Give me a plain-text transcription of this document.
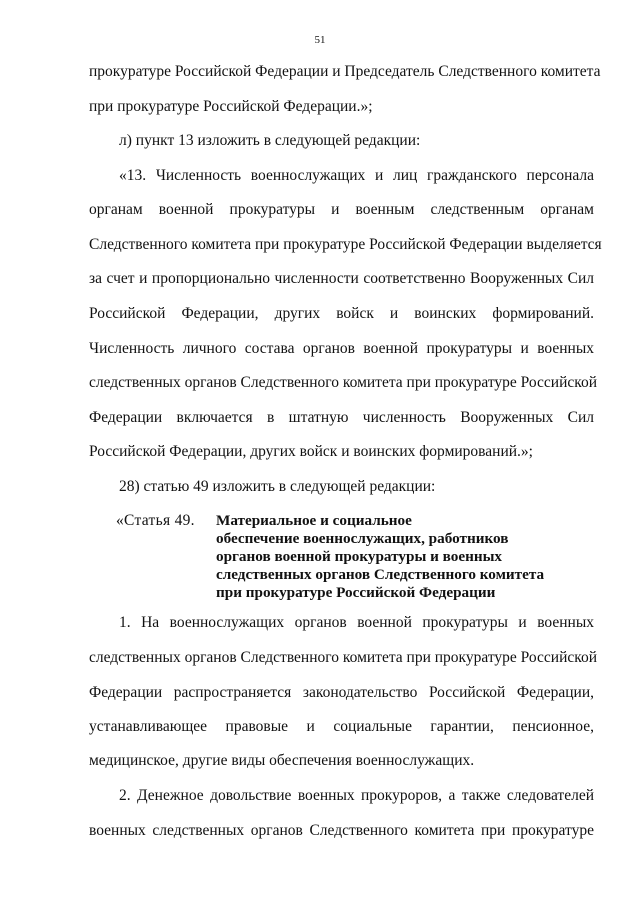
51
прокуратуре Российской Федерации и Председатель Следственного комитета
при прокуратуре Российской Федерации.»;
л) пункт 13 изложить в следующей редакции:
«13. Численность военнослужащих и лиц гражданского персонала
органам военной прокуратуры и военным следственным органам
Следственного комитета при прокуратуре Российской Федерации выделяется
за счет и пропорционально численности соответственно Вооруженных Сил
Российской Федерации, других войск и воинских формирований.
Численность личного состава органов военной прокуратуры и военных
следственных органов Следственного комитета при прокуратуре Российской
Федерации включается в штатную численность Вооруженных Сил
Российской Федерации, других войск и воинских формирований.»;
28) статью 49 изложить в следующей редакции:
«Статья 49. Материальное и социальное
обеспечение военнослужащих, работников
органов военной прокуратуры и военных
следственных органов Следственного комитета
при прокуратуре Российской Федерации
1. На военнослужащих органов военной прокуратуры и военных
следственных органов Следственного комитета при прокуратуре Российской
Федерации распространяется законодательство Российской Федерации,
устанавливающее правовые и социальные гарантии, пенсионное,
медицинское, другие виды обеспечения военнослужащих.
2. Денежное довольствие военных прокуроров, а также следователей
военных следственных органов Следственного комитета при прокуратуре
